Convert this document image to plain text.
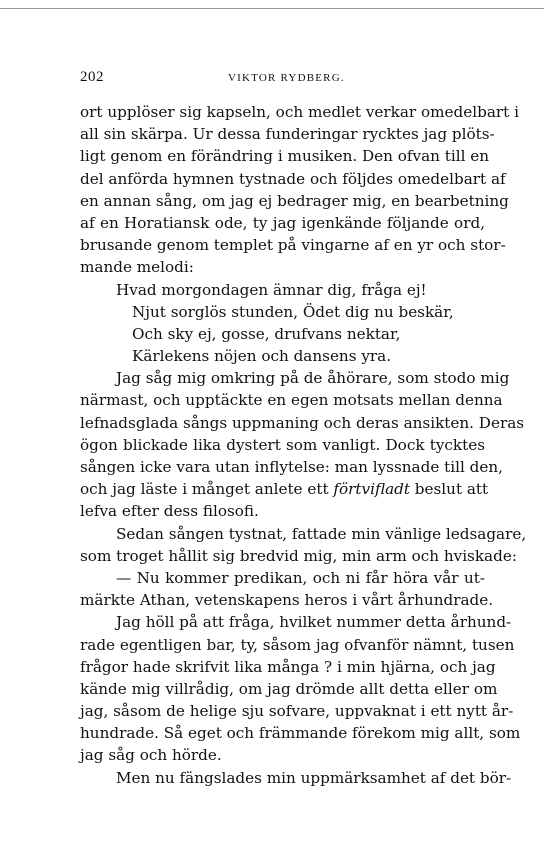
202	VIKTOR RYDBERG.
ort upplöser sig kapseln, och medlet verkar omedelbart i
all sin skärpa. Ur dessa funderingar rycktes jag plöts-
ligt genom en förändring i musiken. Den ofvan till en
del anförda hymnen tystnade och följdes omedelbart af
en annan sång, om jag ej bedrager mig, en bearbetning
af en Horatiansk ode, ty jag igenkände följande ord,
brusande genom templet på vingarne af en yr och stor-
mande melodi:
Hvad morgondagen ämnar dig, fråga ej!
Njut sorglös stunden, Ödet dig nu beskär,
Och sky ej, gosse, drufvans nektar,
Kärlekens nöjen och dansens yra.
Jag såg mig omkring på de åhörare, som stodo mig
närmast, och upptäckte en egen motsats mellan denna
lefnadsglada sångs uppmaning och deras ansikten. Deras
ögon blickade lika dystert som vanligt. Dock tycktes
sången icke vara utan inflytelse: man lyssnade till den,
och jag läste i månget anlete ett förtvifladt beslut att
lefva efter dess filosofi.
Sedan sången tystnat, fattade min vänlige ledsagare,
som troget hållit sig bredvid mig, min arm och hviskade:
— Nu kommer predikan, och ni får höra vår ut-
märkte Athan, vetenskapens heros i vårt århundrade.
Jag höll på att fråga, hvilket nummer detta århund-
rade egentligen bar, ty, såsom jag ofvanför nämnt, tusen
frågor hade skrifvit lika många ? i min hjärna, och jag
kände mig villrådig, om jag drömde allt detta eller om
jag, såsom de helige sju sofvare, uppvaknat i ett nytt år-
hundrade. Så eget och främmande förekom mig allt, som
jag såg och hörde.
Men nu fängslades min uppmärksamhet af det bör-
